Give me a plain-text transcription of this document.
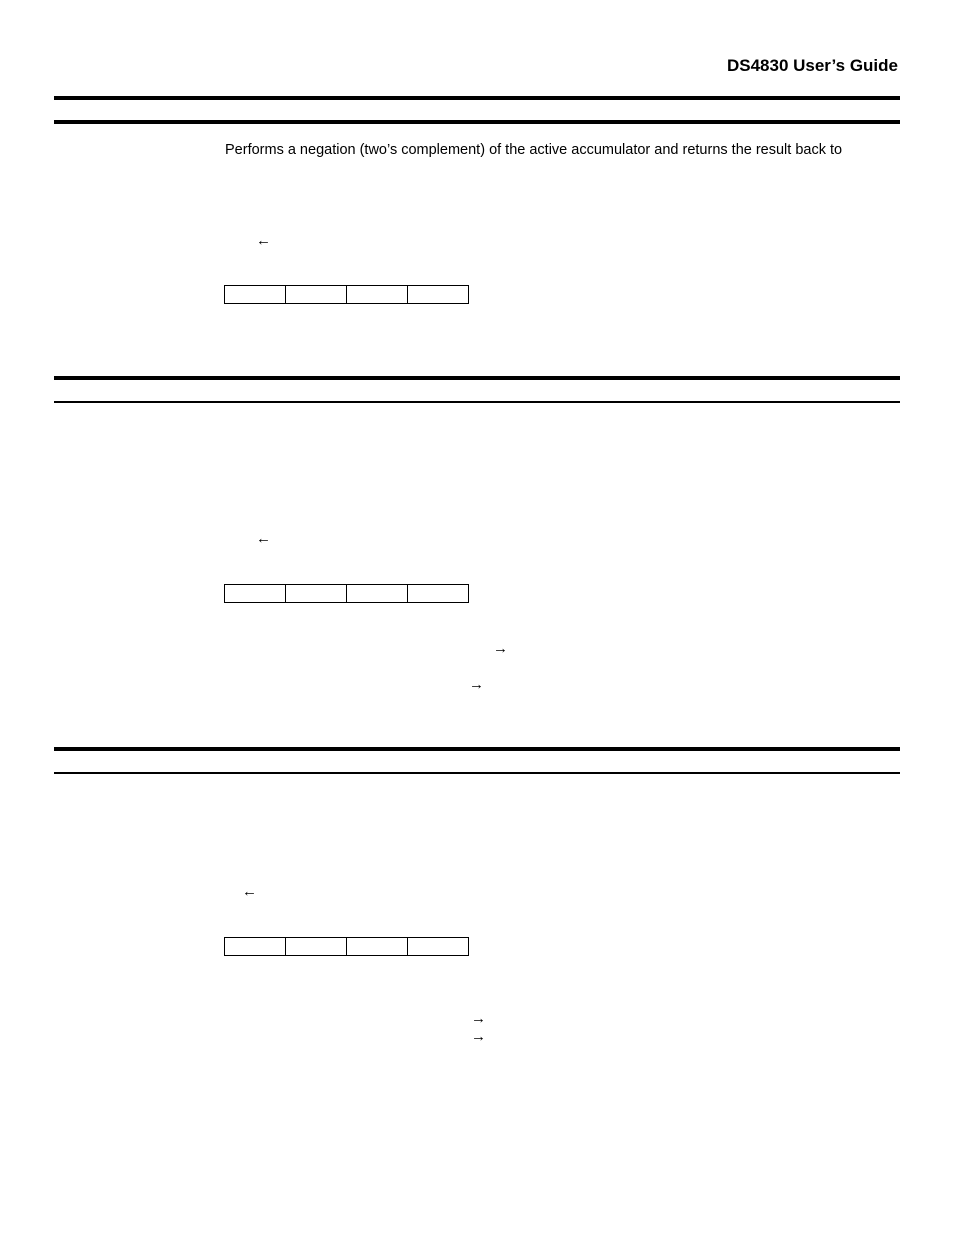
DS4830 User’s Guide
Performs a negation (two’s complement) of the active accumulator and returns the result back to
←

←

→
→
←

→
→
